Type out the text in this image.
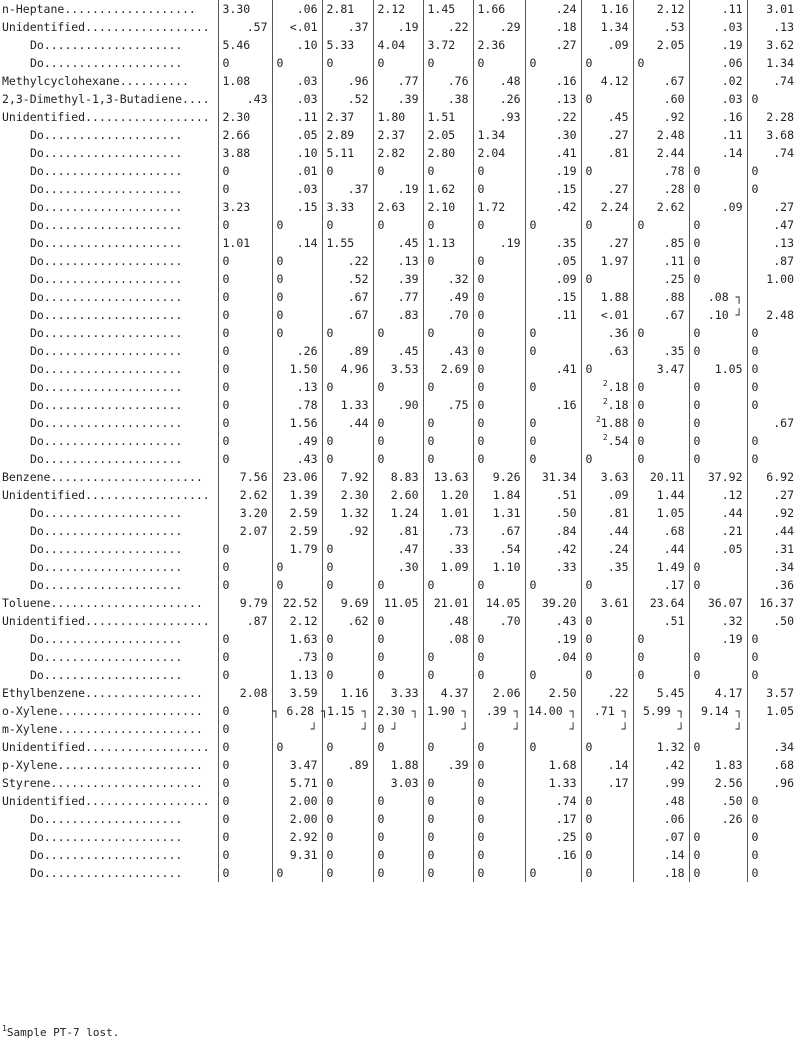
n-Heptane...................	3.30	.06	2.81	2.12	1.45	1.66	.24	1.16	2.12	.11	3.01
Unidentified..................	.57	<.01	.37	.19	.22	.29	.18	1.34	.53	.03	.13
Do....................	5.46	.10	5.33	4.04	3.72	2.36	.27	.09	2.05	.19	3.62
Do....................	0	0	0	0	0	0	0	0	0	.06	1.34
Methylcyclohexane..........	1.08	.03	.96	.77	.76	.48	.16	4.12	.67	.02	.74
2,3-Dimethyl-1,3-Butadiene....	.43	.03	.52	.39	.38	.26	.13	0	.60	.03	0
Unidentified..................	2.30	.11	2.37	1.80	1.51	.93	.22	.45	.92	.16	2.28
Do....................	2.66	.05	2.89	2.37	2.05	1.34	.30	.27	2.48	.11	3.68
Do....................	3.88	.10	5.11	2.82	2.80	2.04	.41	.81	2.44	.14	.74
Do....................	0	.01	0	0	0	0	.19	0	.78	0	0
Do....................	0	.03	.37	.19	1.62	0	.15	.27	.28	0	0
Do....................	3.23	.15	3.33	2.63	2.10	1.72	.42	2.24	2.62	.09	.27
Do....................	0	0	0	0	0	0	0	0	0	0	.47
Do....................	1.01	.14	1.55	.45	1.13	.19	.35	.27	.85	0	.13
Do....................	0	0	.22	.13	0	0	.05	1.97	.11	0	.87
Do....................	0	0	.52	.39	.32	0	.09	0	.25	0	1.00
Do....................	0	0	.67	.77	.49	0	.15	1.88	.88	.08 ┐	
Do....................	0	0	.67	.83	.70	0	.11	<.01	.67	.10 ┘	2.48
Do....................	0	0	0	0	0	0	0	.36	0	0	0
Do....................	0	.26	.89	.45	.43	0	0	.63	.35	0	0
Do....................	0	1.50	4.96	3.53	2.69	0	.41	0	3.47	1.05	0
Do....................	0	.13	0	0	0	0	0	$^2$.18	0	0	0
Do....................	0	.78	1.33	.90	.75	0	.16	$^2$.18	0	0	0
Do....................	0	1.56	.44	0	0	0	0	$^2$1.88	0	0	.67
Do....................	0	.49	0	0	0	0	0	$^2$.54	0	0	0
Do....................	0	.43	0	0	0	0	0	0	0	0	0
Benzene......................	7.56	23.06	7.92	8.83	13.63	9.26	31.34	3.63	20.11	37.92	6.92
Unidentified..................	2.62	1.39	2.30	2.60	1.20	1.84	.51	.09	1.44	.12	.27
Do....................	3.20	2.59	1.32	1.24	1.01	1.31	.50	.81	1.05	.44	.92
Do....................	2.07	2.59	.92	.81	.73	.67	.84	.44	.68	.21	.44
Do....................	0	1.79	0	.47	.33	.54	.42	.24	.44	.05	.31
Do....................	0	0	0	.30	1.09	1.10	.33	.35	1.49	0	.34
Do....................	0	0	0	0	0	0	0	0	.17	0	.36
Toluene......................	9.79	22.52	9.69	11.05	21.01	14.05	39.20	3.61	23.64	36.07	16.37
Unidentified..................	.87	2.12	.62	0	.48	.70	.43	0	.51	.32	.50
Do....................	0	1.63	0	0	.08	0	.19	0	0	.19	0
Do....................	0	.73	0	0	0	0	.04	0	0	0	0
Do....................	0	1.13	0	0	0	0	0	0	0	0	0
Ethylbenzene.................	2.08	3.59	1.16	3.33	4.37	2.06	2.50	.22	5.45	4.17	3.57
o-Xylene.....................	0	┐ 6.28 ┐	1.15 ┐	2.30 ┐	1.90 ┐	.39 ┐	14.00 ┐	.71 ┐	5.99 ┐	9.14 ┐	1.05
m-Xylene.....................	0	┘	┘	0 ┘	┘	┘	┘	┘	┘	┘	
Unidentified..................	0	0	0	0	0	0	0	0	1.32	0	.34
p-Xylene.....................	0	3.47	.89	1.88	.39	0	1.68	.14	.42	1.83	.68
Styrene......................	0	5.71	0	3.03	0	0	1.33	.17	.99	2.56	.96
Unidentified..................	0	2.00	0	0	0	0	.74	0	.48	.50	0
Do....................	0	2.00	0	0	0	0	.17	0	.06	.26	0
Do....................	0	2.92	0	0	0	0	.25	0	.07	0	0
Do....................	0	9.31	0	0	0	0	.16	0	.14	0	0
Do....................	0	0	0	0	0	0	0	0	.18	0	0
$^1$Sample PT-7 lost.
